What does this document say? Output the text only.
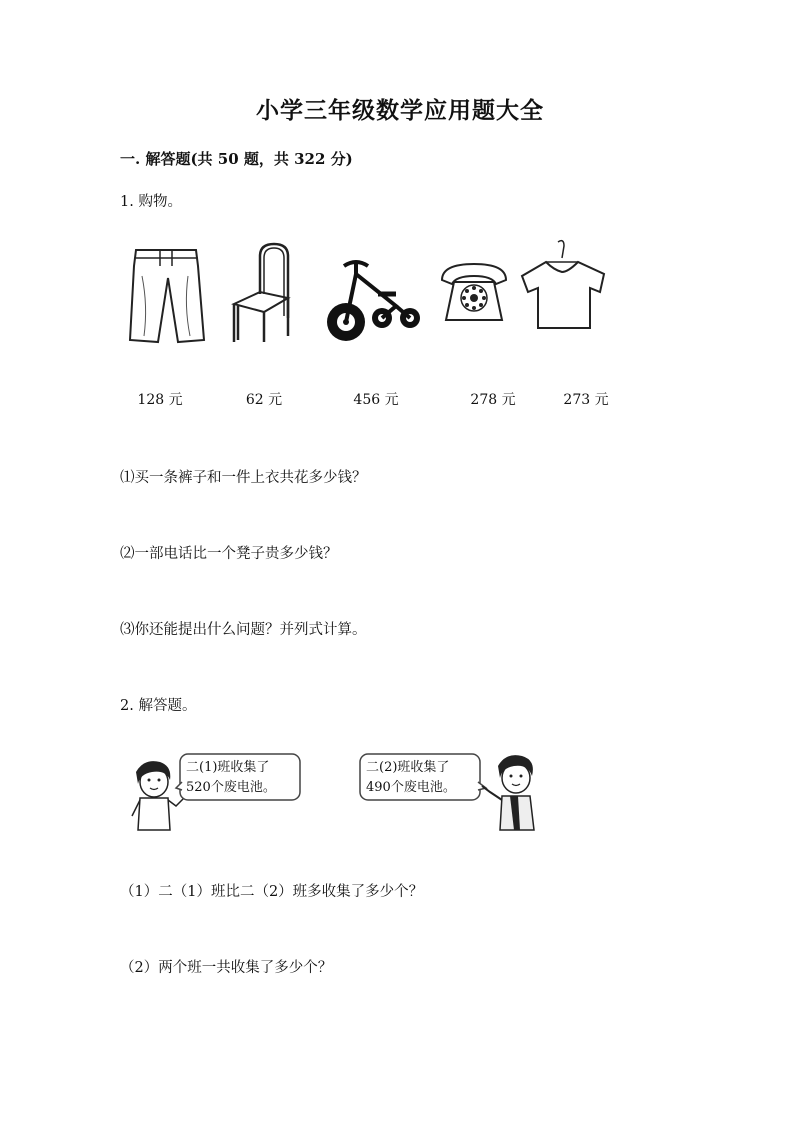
小学三年级数学应用题大全
一. 解答题(共 50 题，共 322 分)
1. 购物。
128 元	62 元	456 元	278 元	273 元
⑴买一条裤子和一件上衣共花多少钱？
⑵一部电话比一个凳子贵多少钱？
⑶你还能提出什么问题？并列式计算。
2. 解答题。
二(1)班收集了
520个废电池。
二(2)班收集了
490个废电池。
（1）二（1）班比二（2）班多收集了多少个？
（2）两个班一共收集了多少个？
